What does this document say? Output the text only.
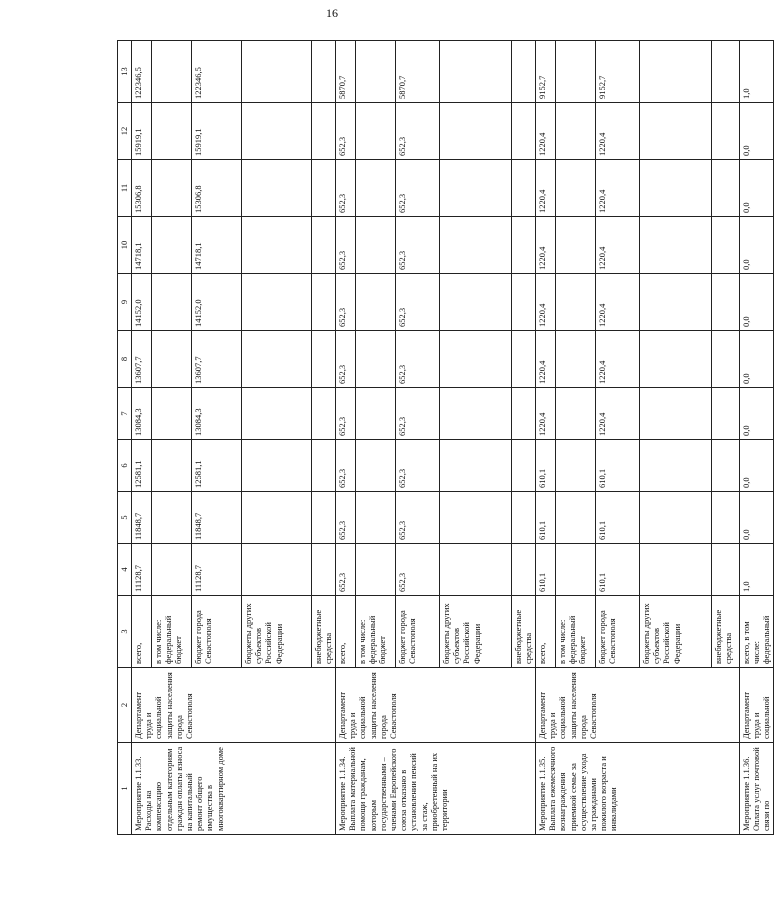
16
1	2	3	4	5	6	7	8	9	10	11	12	13
Мероприятие 1.1.33. Расходы на компенсацию отдельным категориям граждан оплаты взноса на капитальный ремонт общего имущества в многоквартирном доме	Департамент труда и социальной защиты населения города Севастополя	всего,	11128,7	11848,7	12581,1	13084,3	13607,7	14152,0	14718,1	15306,8	15919,1	122346,5
		в том числе: федеральный бюджет										
		бюджет города Севастополя	11128,7	11848,7	12581,1	13084,3	13607,7	14152,0	14718,1	15306,8	15919,1	122346,5
		бюджеты других субъектов Российской Федерации										
		внебюджетные средства										
Мероприятие 1.1.34. Выплата материальной помощи гражданам, которым государственными – членами Европейского союза отказано в установлении пенсий за стаж, приобретенный на их территории	Департамент труда и социальной защиты населения города Севастополя	всего,	652,3	652,3	652,3	652,3	652,3	652,3	652,3	652,3	652,3	5870,7
		в том числе: федеральный бюджет										
		бюджет города Севастополя	652,3	652,3	652,3	652,3	652,3	652,3	652,3	652,3	652,3	5870,7
		бюджеты других субъектов Российской Федерации										
		внебюджетные средства										
Мероприятие 1.1.35. Выплата ежемесячного вознаграждения приемной семье за осуществление ухода за гражданами пожилого возраста и инвалидами	Департамент труда и социальной защиты населения города Севастополя	всего,	610,1	610,1	610,1	1220,4	1220,4	1220,4	1220,4	1220,4	1220,4	9152,7
		в том числе: федеральный бюджет										
		бюджет города Севастополя	610,1	610,1	610,1	1220,4	1220,4	1220,4	1220,4	1220,4	1220,4	9152,7
		бюджеты других субъектов Российской Федерации										
		внебюджетные средства										
Мероприятие 1.1.36. Оплата услуг почтовой связи по	Департамент труда и социальной	всего, в том числе: федеральный	1,0	0,0	0,0	0,0	0,0	0,0	0,0	0,0	0,0	1,0
